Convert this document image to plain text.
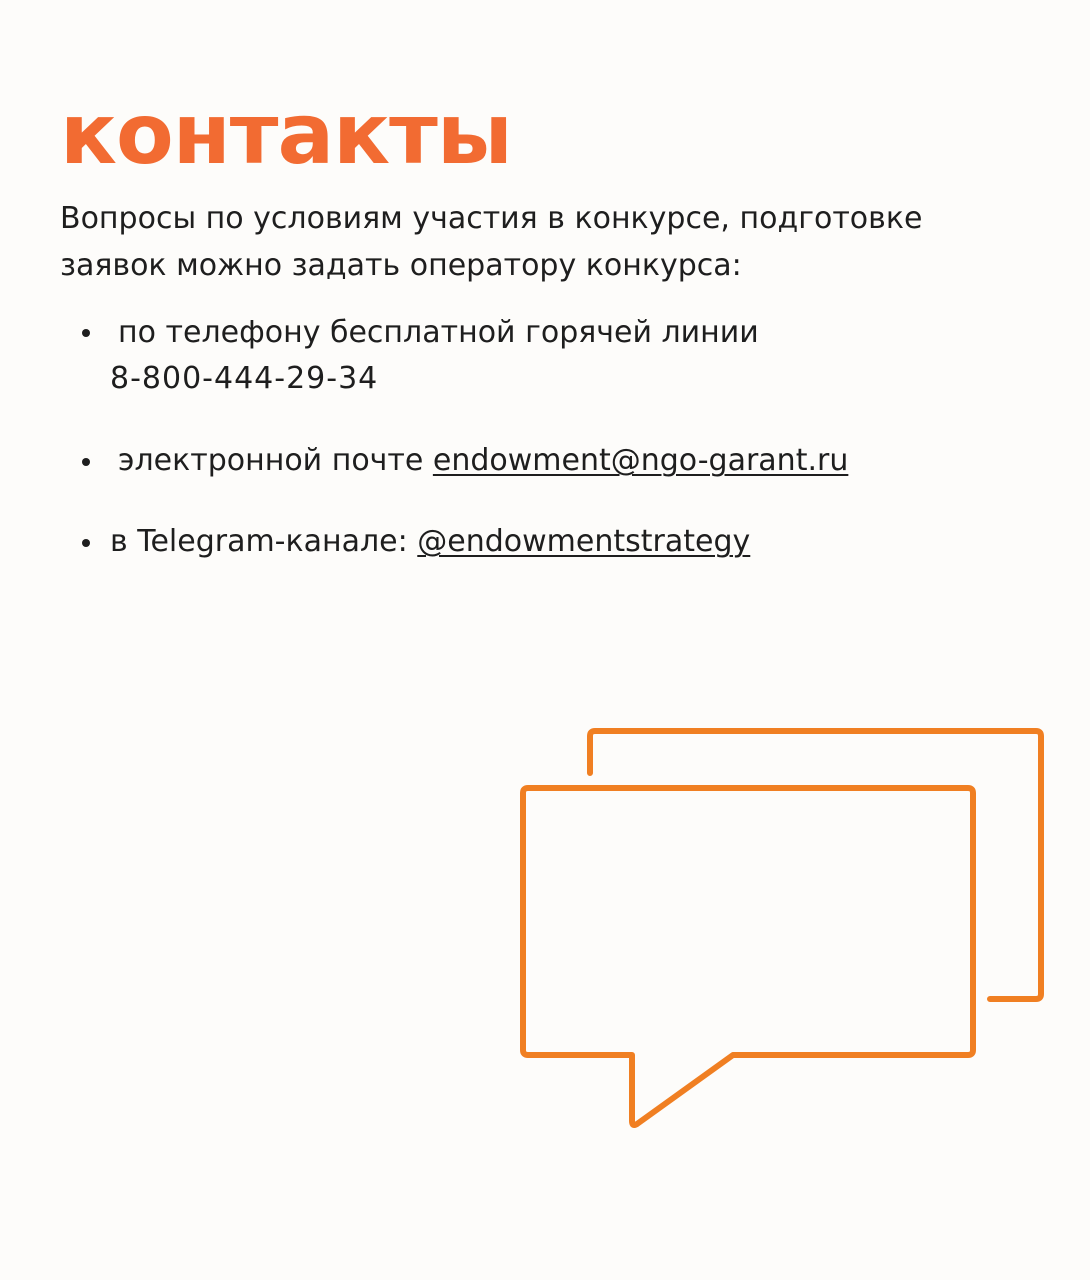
контакты

Вопросы по условиям участия в конкурсе, подготовке заявок можно задать оператору конкурса:

по телефону бесплатной горячей линии

8-800-444-29-34

электронной почте endowment@ngo-garant.ru

в Telegram-канале: @endowmentstrategy
